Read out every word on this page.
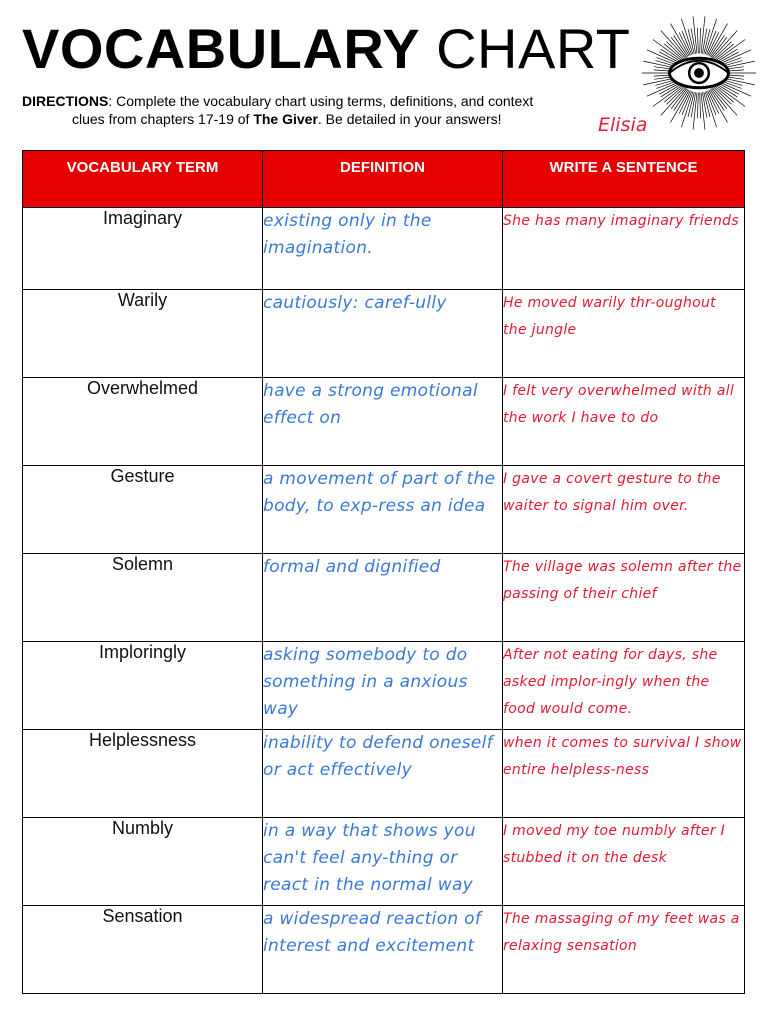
VOCABULARY CHART
DIRECTIONS: Complete the vocabulary chart using terms, definitions, and context
clues from chapters 17-19 of The Giver. Be detailed in your answers!	Elisia
VOCABULARY TERM	DEFINITION	WRITE A SENTENCE
Imaginary	existing only in the imagination.	She has many imaginary friends
Warily	cautiously: caref-ully	He moved warily thr-oughout the jungle
Overwhelmed	have a strong emotional effect on	I felt very overwhelmed with all the work I have to do
Gesture	a movement of part of the body, to exp-ress an idea	I gave a covert gesture to the waiter to signal him over.
Solemn	formal and dignified	The village was solemn after the passing of their chief
Imploringly	asking somebody to do something in a anxious way	After not eating for days, she asked implor-ingly when the food would come.
Helplessness	inability to defend oneself or act effectively	when it comes to survival I show entire helpless-ness
Numbly	in a way that shows you can't feel any-thing or react in the normal way	I moved my toe numbly after I stubbed it on the desk
Sensation	a widespread reaction of interest and excitement	The massaging of my feet was a relaxing sensation
